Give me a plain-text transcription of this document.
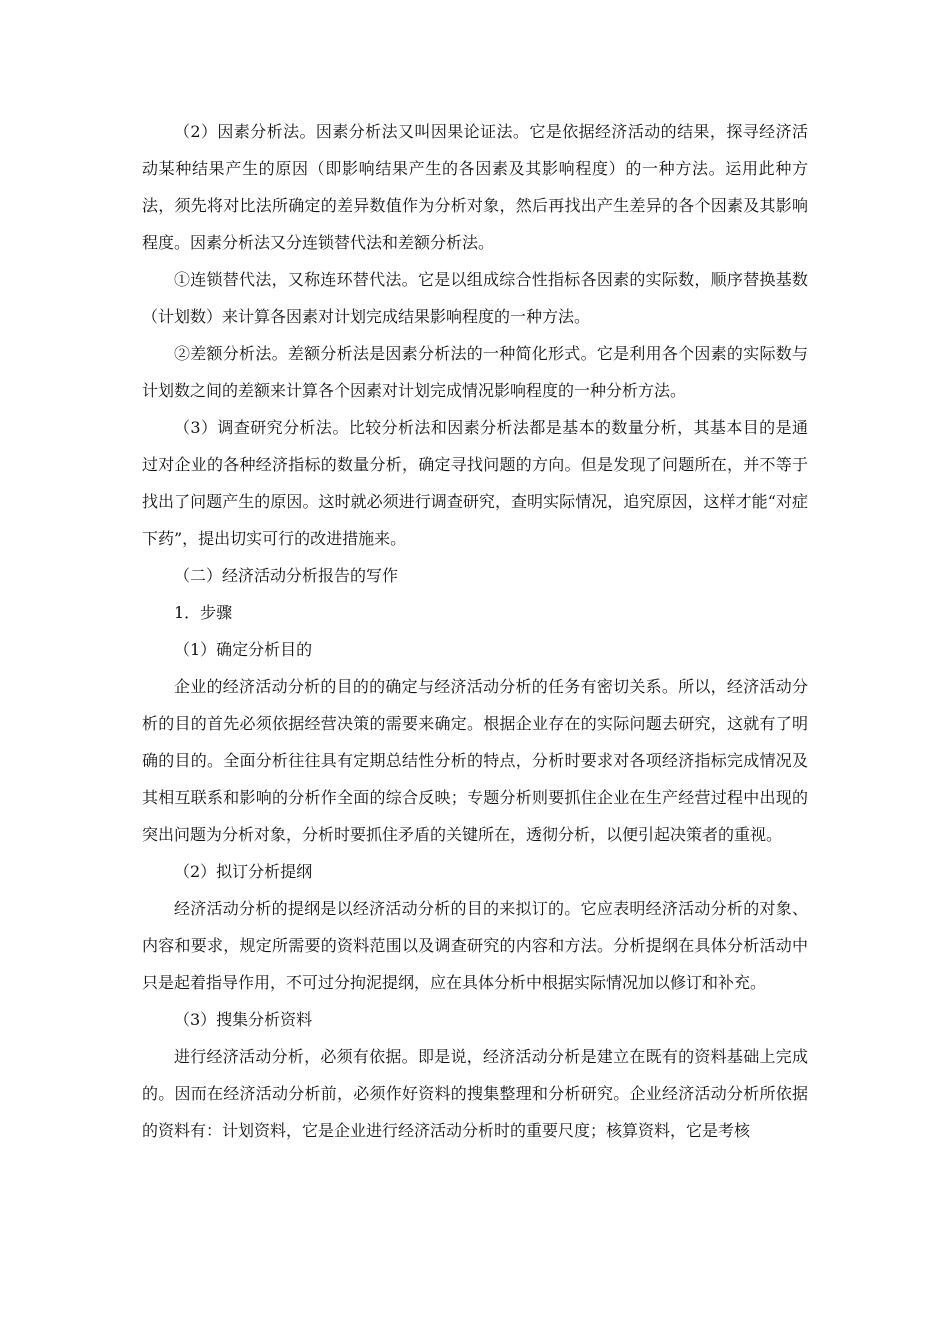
（2）因素分析法。因素分析法又叫因果论证法。它是依据经济活动的结果，探寻经济活动某种结果产生的原因（即影响结果产生的各因素及其影响程度）的一种方法。运用此种方法，须先将对比法所确定的差异数值作为分析对象，然后再找出产生差异的各个因素及其影响程度。因素分析法又分连锁替代法和差额分析法。

①连锁替代法，又称连环替代法。它是以组成综合性指标各因素的实际数，顺序替换基数（计划数）来计算各因素对计划完成结果影响程度的一种方法。

②差额分析法。差额分析法是因素分析法的一种简化形式。它是利用各个因素的实际数与计划数之间的差额来计算各个因素对计划完成情况影响程度的一种分析方法。

（3）调查研究分析法。比较分析法和因素分析法都是基本的数量分析，其基本目的是通过对企业的各种经济指标的数量分析，确定寻找问题的方向。但是发现了问题所在，并不等于找出了问题产生的原因。这时就必须进行调查研究，查明实际情况，追究原因，这样才能“对症下药”，提出切实可行的改进措施来。

（二）经济活动分析报告的写作

1．步骤

（1）确定分析目的

企业的经济活动分析的目的的确定与经济活动分析的任务有密切关系。所以，经济活动分析的目的首先必须依据经营决策的需要来确定。根据企业存在的实际问题去研究，这就有了明确的目的。全面分析往往具有定期总结性分析的特点，分析时要求对各项经济指标完成情况及其相互联系和影响的分析作全面的综合反映；专题分析则要抓住企业在生产经营过程中出现的突出问题为分析对象，分析时要抓住矛盾的关键所在，透彻分析，以便引起决策者的重视。

（2）拟订分析提纲

经济活动分析的提纲是以经济活动分析的目的来拟订的。它应表明经济活动分析的对象、内容和要求，规定所需要的资料范围以及调查研究的内容和方法。分析提纲在具体分析活动中只是起着指导作用，不可过分拘泥提纲，应在具体分析中根据实际情况加以修订和补充。

（3）搜集分析资料

进行经济活动分析，必须有依据。即是说，经济活动分析是建立在既有的资料基础上完成的。因而在经济活动分析前，必须作好资料的搜集整理和分析研究。企业经济活动分析所依据的资料有：计划资料，它是企业进行经济活动分析时的重要尺度；核算资料，它是考核
